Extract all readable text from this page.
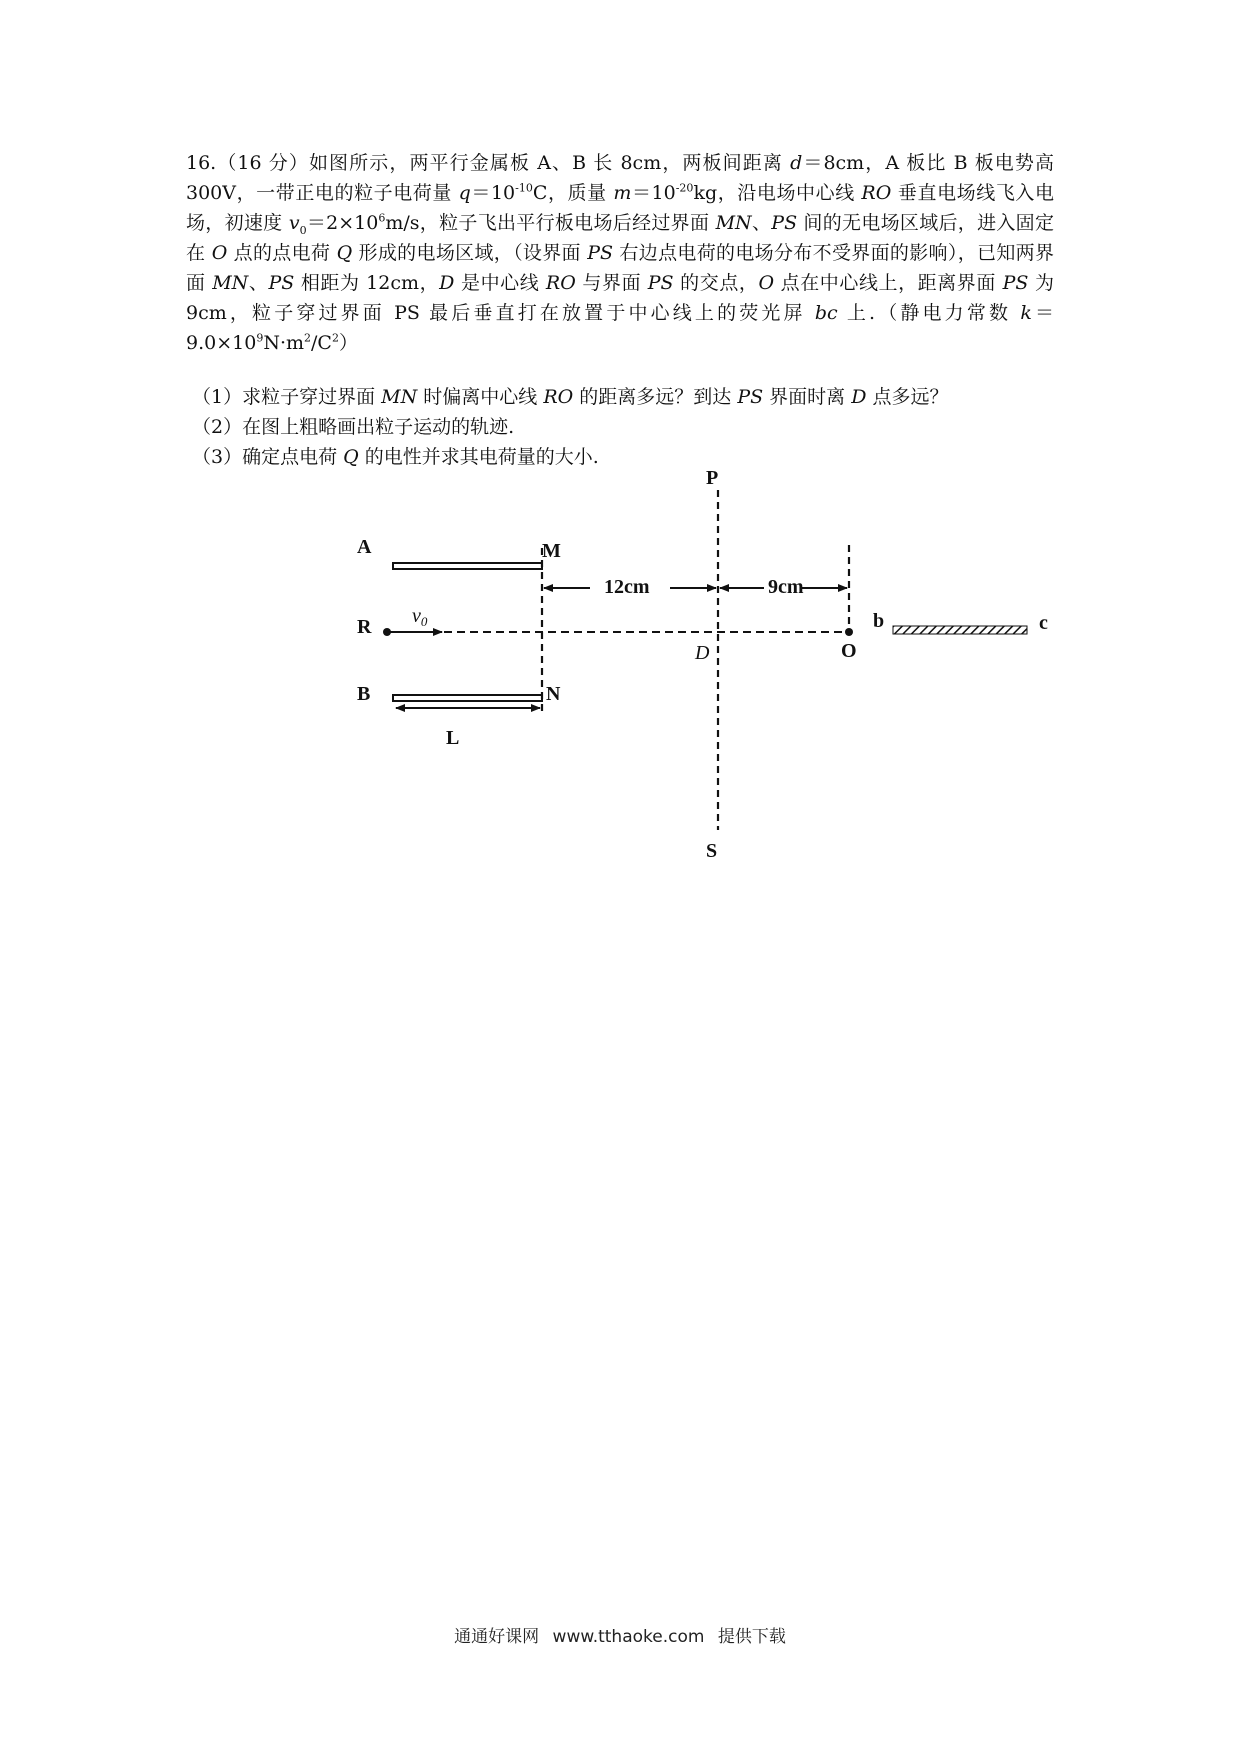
16.（16 分）如图所示，两平行金属板 A、B 长 8cm，两板间距离 d＝8cm，A 板比 B 板电势高 300V，一带正电的粒子电荷量 $q=10^{-10}C$，质量 $m=10^{-20}kg$，沿电场中心线 RO 垂直电场线飞入电场，初速度 $v_0=2\times 10^6m/s$，粒子飞出平行板电场后经过界面 MN、PS 间的无电场区域后，进入固定在 O 点的点电荷 Q 形成的电场区域，（设界面 PS 右边点电荷的电场分布不受界面的影响），已知两界面 MN、PS 相距为 12cm，D 是中心线 RO 与界面 PS 的交点，O 点在中心线上，距离界面 PS 为 9cm，粒子穿过界面 PS 最后垂直打在放置于中心线上的荧光屏 bc 上.（静电力常数 $k=9.0\times 10^9N\cdot m^2/C^2$）

（1）求粒子穿过界面 MN 时偏离中心线 RO 的距离多远？到达 PS 界面时离 D 点多远？
（2）在图上粗略画出粒子运动的轨迹.
（3）确定点电荷 Q 的电性并求其电荷量的大小.
A
B
R
M
N
P
S
D	O
b	c
L
$v_0$
12cm	9cm
通通好课网 www.tthaoke.com 提供下载
